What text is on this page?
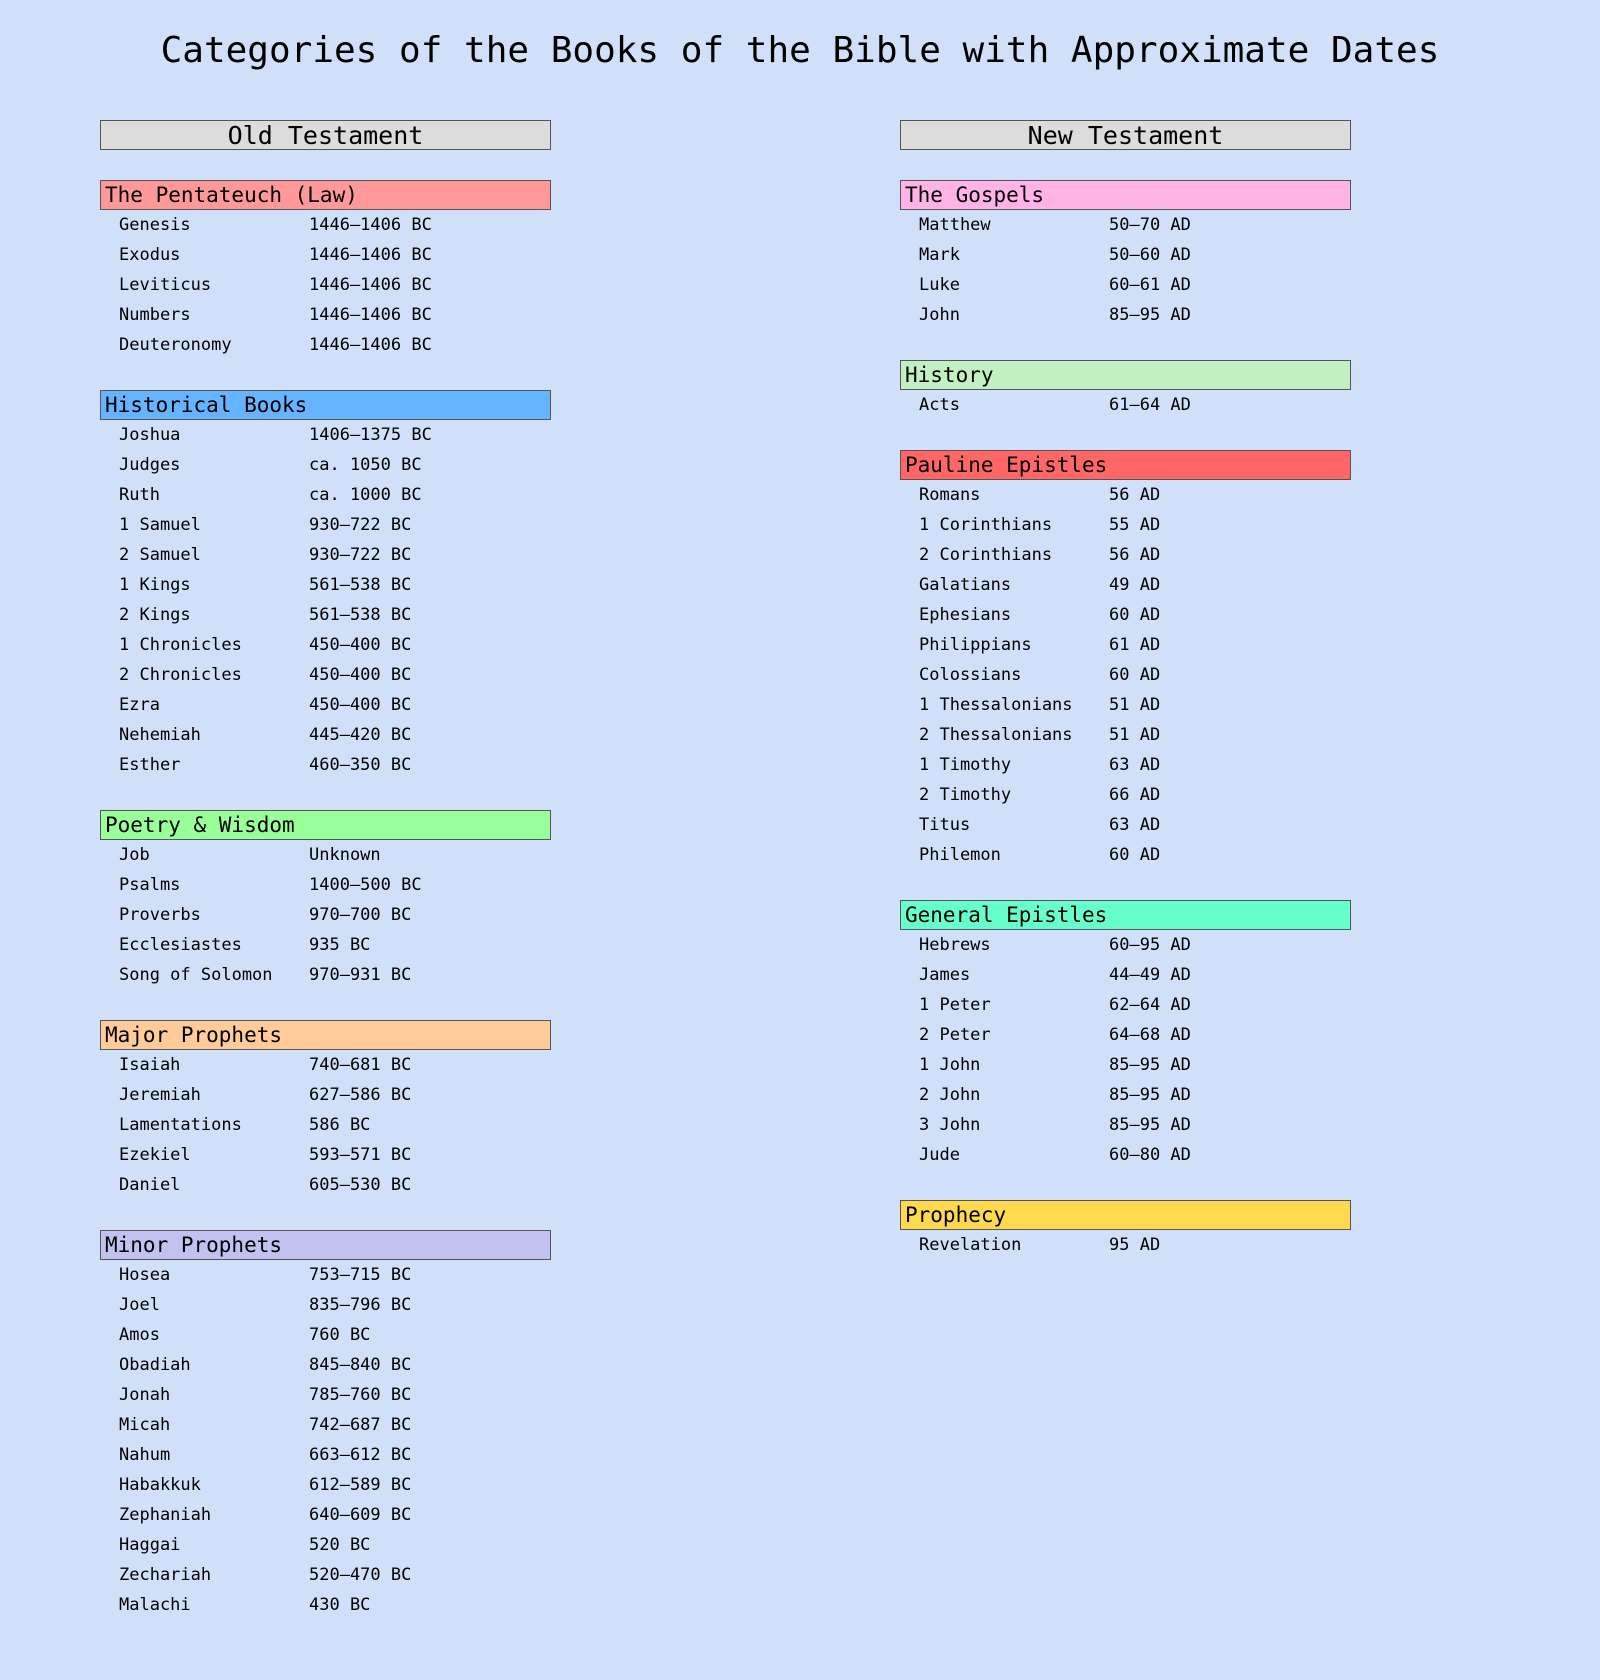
Categories of the Books of the Bible with Approximate Dates
Old Testament
The Pentateuch (Law)
Genesis	1446–1406 BC
Exodus	1446–1406 BC
Leviticus	1446–1406 BC
Numbers	1446–1406 BC
Deuteronomy	1446–1406 BC
Historical Books
Joshua	1406–1375 BC
Judges	ca. 1050 BC
Ruth	ca. 1000 BC
1 Samuel	930–722 BC
2 Samuel	930–722 BC
1 Kings	561–538 BC
2 Kings	561–538 BC
1 Chronicles	450–400 BC
2 Chronicles	450–400 BC
Ezra	450–400 BC
Nehemiah	445–420 BC
Esther	460–350 BC
Poetry & Wisdom
Job	Unknown
Psalms	1400–500 BC
Proverbs	970–700 BC
Ecclesiastes	935 BC
Song of Solomon	970–931 BC
Major Prophets
Isaiah	740–681 BC
Jeremiah	627–586 BC
Lamentations	586 BC
Ezekiel	593–571 BC
Daniel	605–530 BC
Minor Prophets
Hosea	753–715 BC
Joel	835–796 BC
Amos	760 BC
Obadiah	845–840 BC
Jonah	785–760 BC
Micah	742–687 BC
Nahum	663–612 BC
Habakkuk	612–589 BC
Zephaniah	640–609 BC
Haggai	520 BC
Zechariah	520–470 BC
Malachi	430 BC
New Testament
The Gospels
Matthew	50–70 AD
Mark	50–60 AD
Luke	60–61 AD
John	85–95 AD
History
Acts	61–64 AD
Pauline Epistles
Romans	56 AD
1 Corinthians	55 AD
2 Corinthians	56 AD
Galatians	49 AD
Ephesians	60 AD
Philippians	61 AD
Colossians	60 AD
1 Thessalonians	51 AD
2 Thessalonians	51 AD
1 Timothy	63 AD
2 Timothy	66 AD
Titus	63 AD
Philemon	60 AD
General Epistles
Hebrews	60–95 AD
James	44–49 AD
1 Peter	62–64 AD
2 Peter	64–68 AD
1 John	85–95 AD
2 John	85–95 AD
3 John	85–95 AD
Jude	60–80 AD
Prophecy
Revelation	95 AD
